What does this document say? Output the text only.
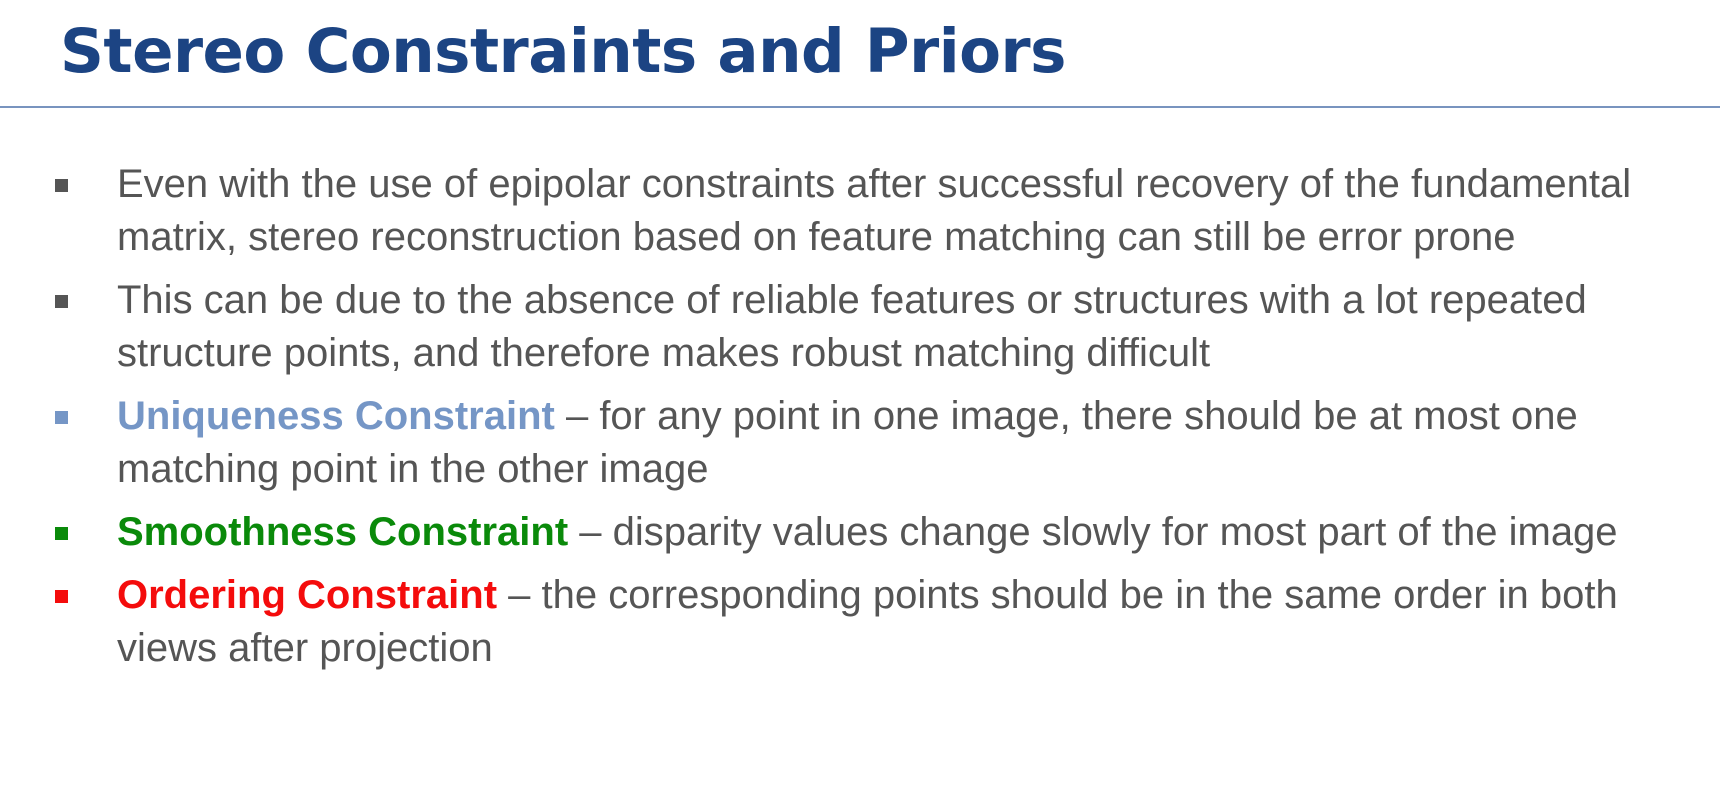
Stereo Constraints and Priors
Even with the use of epipolar constraints after successful recovery of the fundamental matrix, stereo reconstruction based on feature matching can still be error prone
This can be due to the absence of reliable features or structures with a lot repeated structure points, and therefore makes robust matching difficult
Uniqueness Constraint – for any point in one image, there should be at most one matching point in the other image
Smoothness Constraint – disparity values change slowly for most part of the image
Ordering Constraint – the corresponding points should be in the same order in both views after projection
